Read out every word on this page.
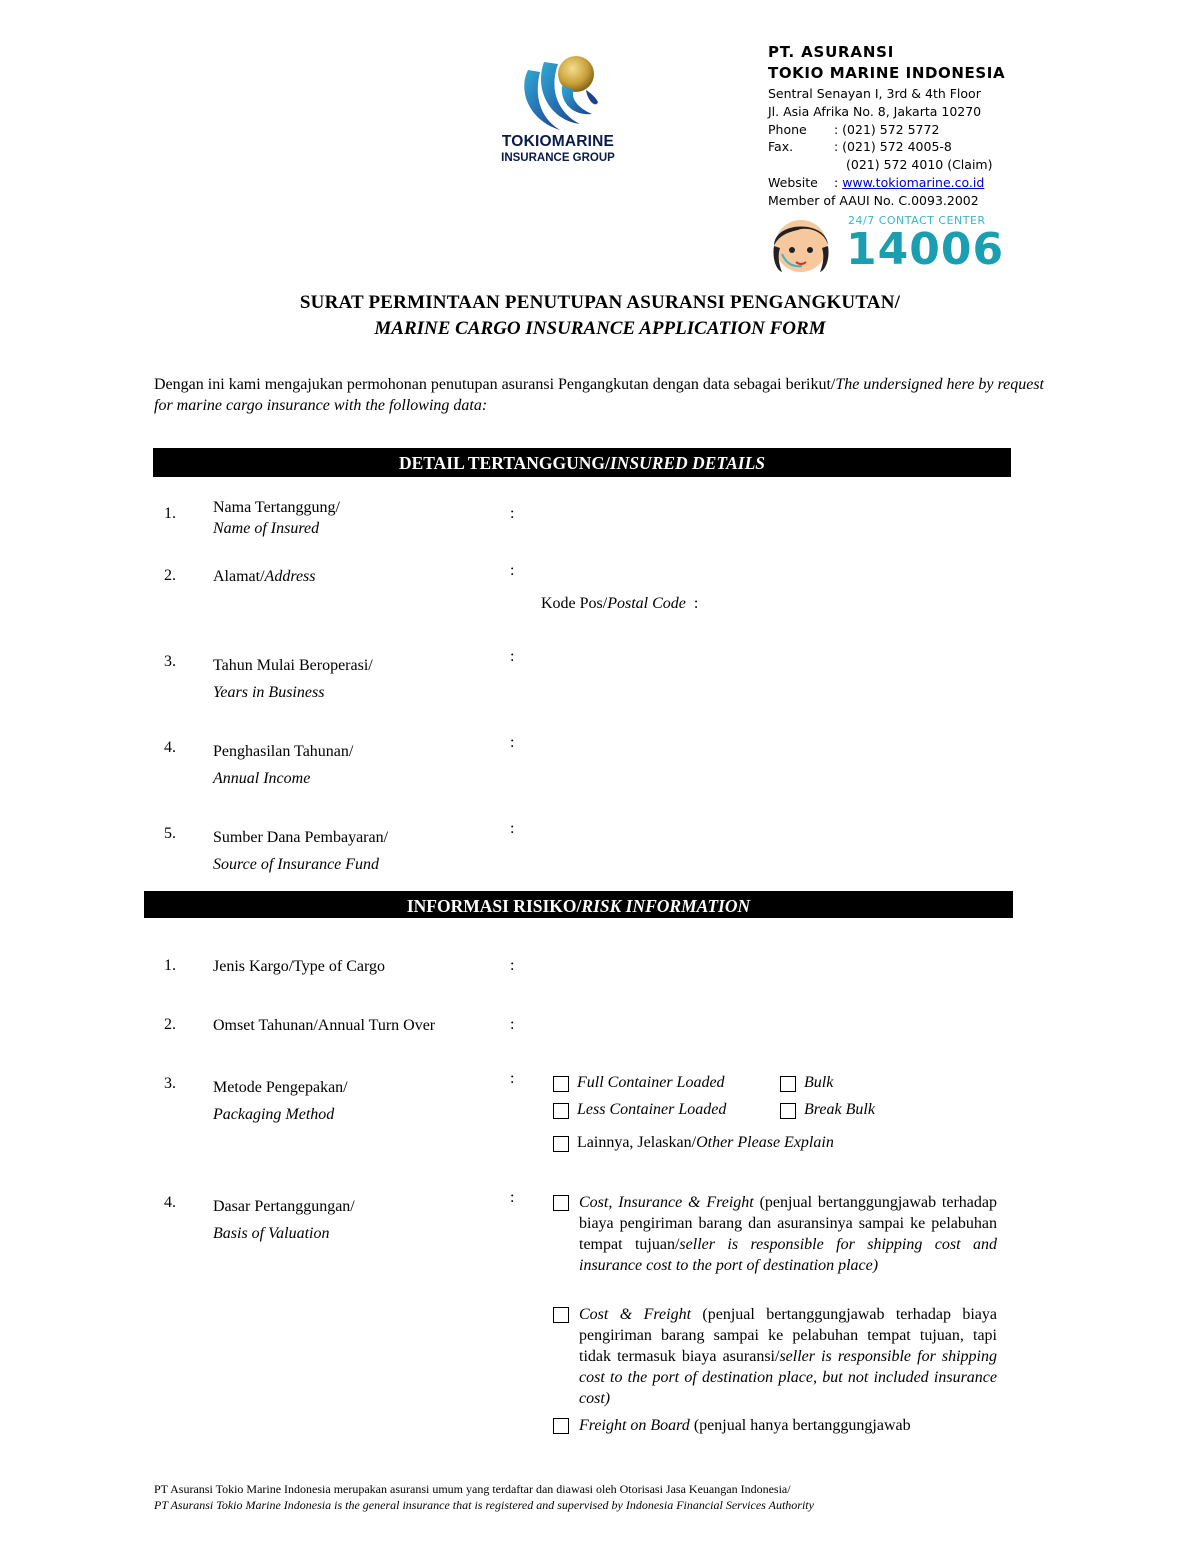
TOKIOMARINE
INSURANCE GROUP
PT. ASURANSI
TOKIO MARINE INDONESIA
Sentral Senayan I, 3rd & 4th Floor
Jl. Asia Afrika No. 8, Jakarta 10270
Phone : (021) 572 5772
Fax.	: (021) 572 4005-8
(021) 572 4010 (Claim)
Website : www.tokiomarine.co.id
Member of AAUI No. C.0093.2002
24/7 CONTACT CENTER
14006
SURAT PERMINTAAN PENUTUPAN ASURANSI PENGANGKUTAN/
MARINE CARGO INSURANCE APPLICATION FORM
Dengan ini kami mengajukan permohonan penutupan asuransi Pengangkutan dengan data sebagai berikut/The undersigned here by request for marine cargo insurance with the following data:
DETAIL TERTANGGUNG/INSURED DETAILS
1. Nama Tertanggung/
Name of Insured
:
2. Alamat/Address	:
Kode Pos/Postal Code :
3. Tahun Mulai Beroperasi/
Years in Business
:
4. Penghasilan Tahunan/
Annual Income
:
5. Sumber Dana Pembayaran/
Source of Insurance Fund
:
INFORMASI RISIKO/RISK INFORMATION
1. Jenis Kargo/Type of Cargo	:
2. Omset Tahunan/Annual Turn Over	:
3. Metode Pengepakan/
Packaging Method
:	Full Container Loaded	Bulk
Less Container Loaded	Break Bulk
Lainnya, Jelaskan/Other Please Explain
4. Dasar Pertanggungan/
Basis of Valuation
:	Cost, Insurance & Freight (penjual bertanggungjawab terhadap biaya pengiriman barang dan asuransinya sampai ke pelabuhan tempat tujuan/seller is responsible for shipping cost and insurance cost to the port of destination place)
Cost & Freight (penjual bertanggungjawab terhadap biaya pengiriman barang sampai ke pelabuhan tempat tujuan, tapi tidak termasuk biaya asuransi/seller is responsible for shipping cost to the port of destination place, but not included insurance cost)
Freight on Board (penjual hanya bertanggungjawab
PT Asuransi Tokio Marine Indonesia merupakan asuransi umum yang terdaftar dan diawasi oleh Otorisasi Jasa Keuangan Indonesia/
PT Asuransi Tokio Marine Indonesia is the general insurance that is registered and supervised by Indonesia Financial Services Authority
